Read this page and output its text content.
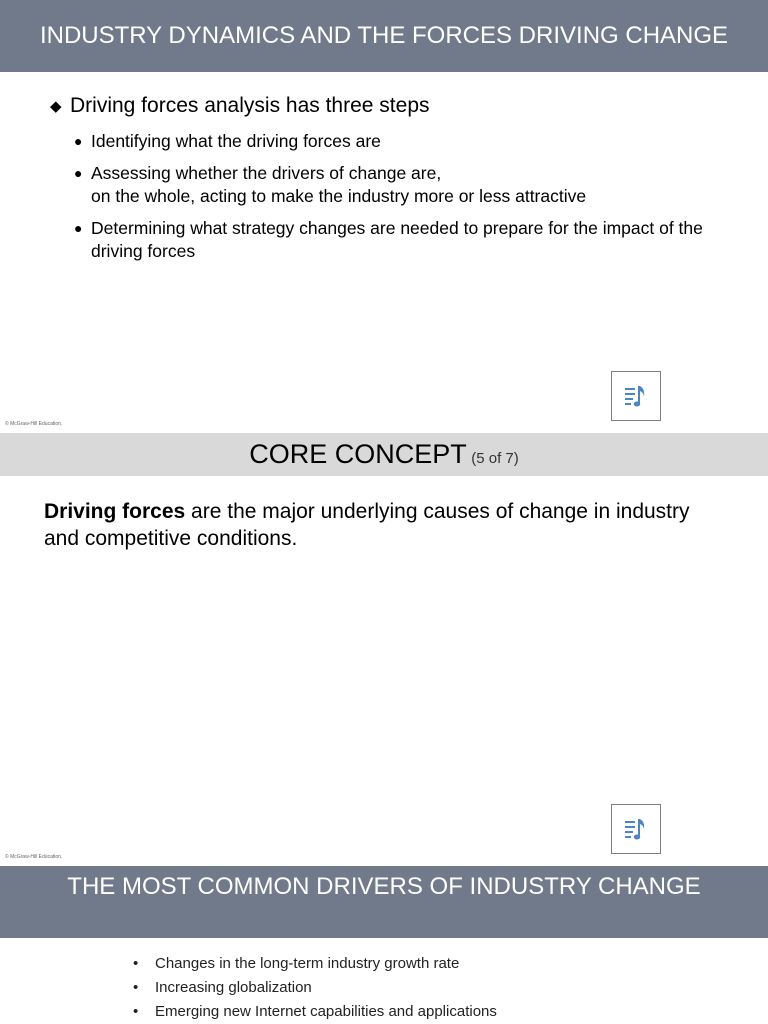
INDUSTRY DYNAMICS AND THE FORCES DRIVING CHANGE
◆ Driving forces analysis has three steps
● Identifying what the driving forces are
● Assessing whether the drivers of change are,
on the whole, acting to make the industry more or less attractive
● Determining what strategy changes are needed to prepare for the impact of the driving forces
© McGraw-Hill Education.
CORE CONCEPT (5 of 7)
Driving forces are the major underlying causes of change in industry and competitive conditions.
© McGraw-Hill Education.
THE MOST COMMON DRIVERS OF INDUSTRY CHANGE
•	Changes in the long-term industry growth rate
•	Increasing globalization
•	Emerging new Internet capabilities and applications
